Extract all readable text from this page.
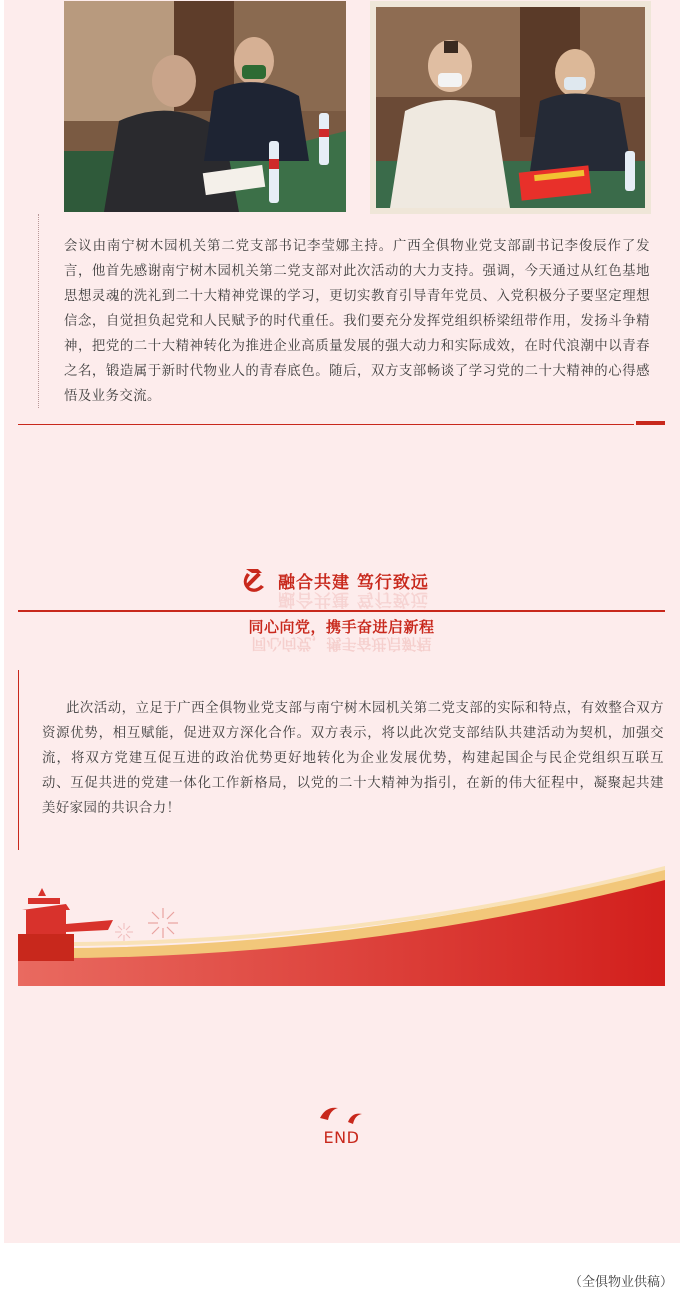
会议由南宁树木园机关第二党支部书记李莹娜主持。广西全俱物业党支部副书记李俊辰作了发言，他首先感谢南宁树木园机关第二党支部对此次活动的大力支持。强调，今天通过从红色基地思想灵魂的洗礼到二十大精神党课的学习，更切实教育引导青年党员、入党积极分子要坚定理想信念，自觉担负起党和人民赋予的时代重任。我们要充分发挥党组织桥梁纽带作用，发扬斗争精神，把党的二十大精神转化为推进企业高质量发展的强大动力和实际成效，在时代浪潮中以青春之名，锻造属于新时代物业人的青春底色。随后，双方支部畅谈了学习党的二十大精神的心得感悟及业务交流。
融合共建 笃行致远
融合共建 笃行致远
同心向党，携手奋进启新程
同心向党，携手奋进启新程
此次活动，立足于广西全俱物业党支部与南宁树木园机关第二党支部的实际和特点，有效整合双方资源优势，相互赋能，促进双方深化合作。双方表示，将以此次党支部结队共建活动为契机，加强交流，将双方党建互促互进的政治优势更好地转化为企业发展优势，构建起国企与民企党组织互联互动、互促共进的党建一体化工作新格局，以党的二十大精神为指引，在新的伟大征程中，凝聚起共建美好家园的共识合力！
END
（全俱物业供稿）
